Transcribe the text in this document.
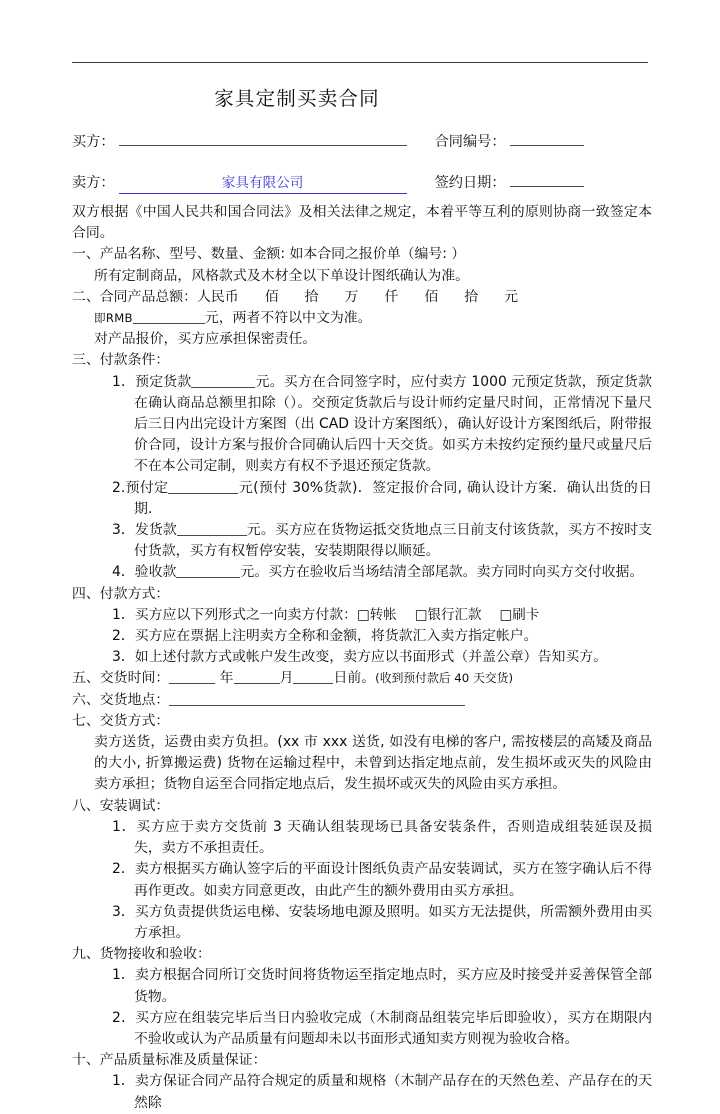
家具定制买卖合同
买方：	合同编号：
卖方：	家具有限公司	签约日期：

双方根据《中国人民共和国合同法》及相关法律之规定，本着平等互利的原则协商一致签定本合同。

一、产品名称、型号、数量、金额: 如本合同之报价单（编号: ）

所有定制商品，风格款式及木材全以下单设计图纸确认为准。

二、合同产品总额：人民币 佰 拾 万 仟 佰 拾 元

即RMB	元，两者不符以中文为准。

对产品报价，买方应承担保密责任。

三、付款条件：

1．预定货款	元。买方在合同签字时，应付卖方 1000 元预定货款，预定货款在确认商品总额里扣除（）。交预定货款后与设计师约定量尺时间，正常情况下量尺后三日内出完设计方案图（出 CAD 设计方案图纸），确认好设计方案图纸后，附带报价合同，设计方案与报价合同确认后四十天交货。如买方未按约定预约量尺或量尺后不在本公司定制，则卖方有权不予退还预定货款。

2.预付定	元(预付 30%货款)．签定报价合同, 确认设计方案．确认出货的日期.

3．发货款	元。买方应在货物运抵交货地点三日前支付该货款，买方不按时支付货款，买方有权暂停安装，安装期限得以顺延。

4．验收款	元。买方在验收后当场结清全部尾款。卖方同时向买方交付收据。

四、付款方式：

1．买方应以下列形式之一向卖方付款：□转帐 □银行汇款 □刷卡

2．买方应在票据上注明卖方全称和金额，将货款汇入卖方指定帐户。

3．如上述付款方式或帐户发生改变，卖方应以书面形式（并盖公章）告知买方。

五、交货时间：	年	月	日前。(收到预付款后 40 天交货)

六、交货地点：

七、交货方式：

卖方送货，运费由卖方负担。(xx 市 xxx 送货, 如没有电梯的客户, 需按楼层的高矮及商品的大小, 折算搬运费) 货物在运输过程中，未曾到达指定地点前，发生损坏或灭失的风险由卖方承担；货物自运至合同指定地点后，发生损坏或灭失的风险由买方承担。

八、安装调试：

1．买方应于卖方交货前 3 天确认组装现场已具备安装条件，否则造成组装延误及损失，卖方不承担责任。

2．卖方根据买方确认签字后的平面设计图纸负责产品安装调试，买方在签字确认后不得再作更改。如卖方同意更改，由此产生的额外费用由买方承担。

3．买方负责提供货运电梯、安装场地电源及照明。如买方无法提供，所需额外费用由买方承担。

九、货物接收和验收：

1．卖方根据合同所订交货时间将货物运至指定地点时，买方应及时接受并妥善保管全部货物。

2．买方应在组装完毕后当日内验收完成（木制商品组装完毕后即验收），买方在期限内不验收或认为产品质量有问题却未以书面形式通知卖方则视为验收合格。

十、产品质量标准及质量保证：

1．卖方保证合同产品符合规定的质量和规格（木制产品存在的天然色差、产品存在的天然除
